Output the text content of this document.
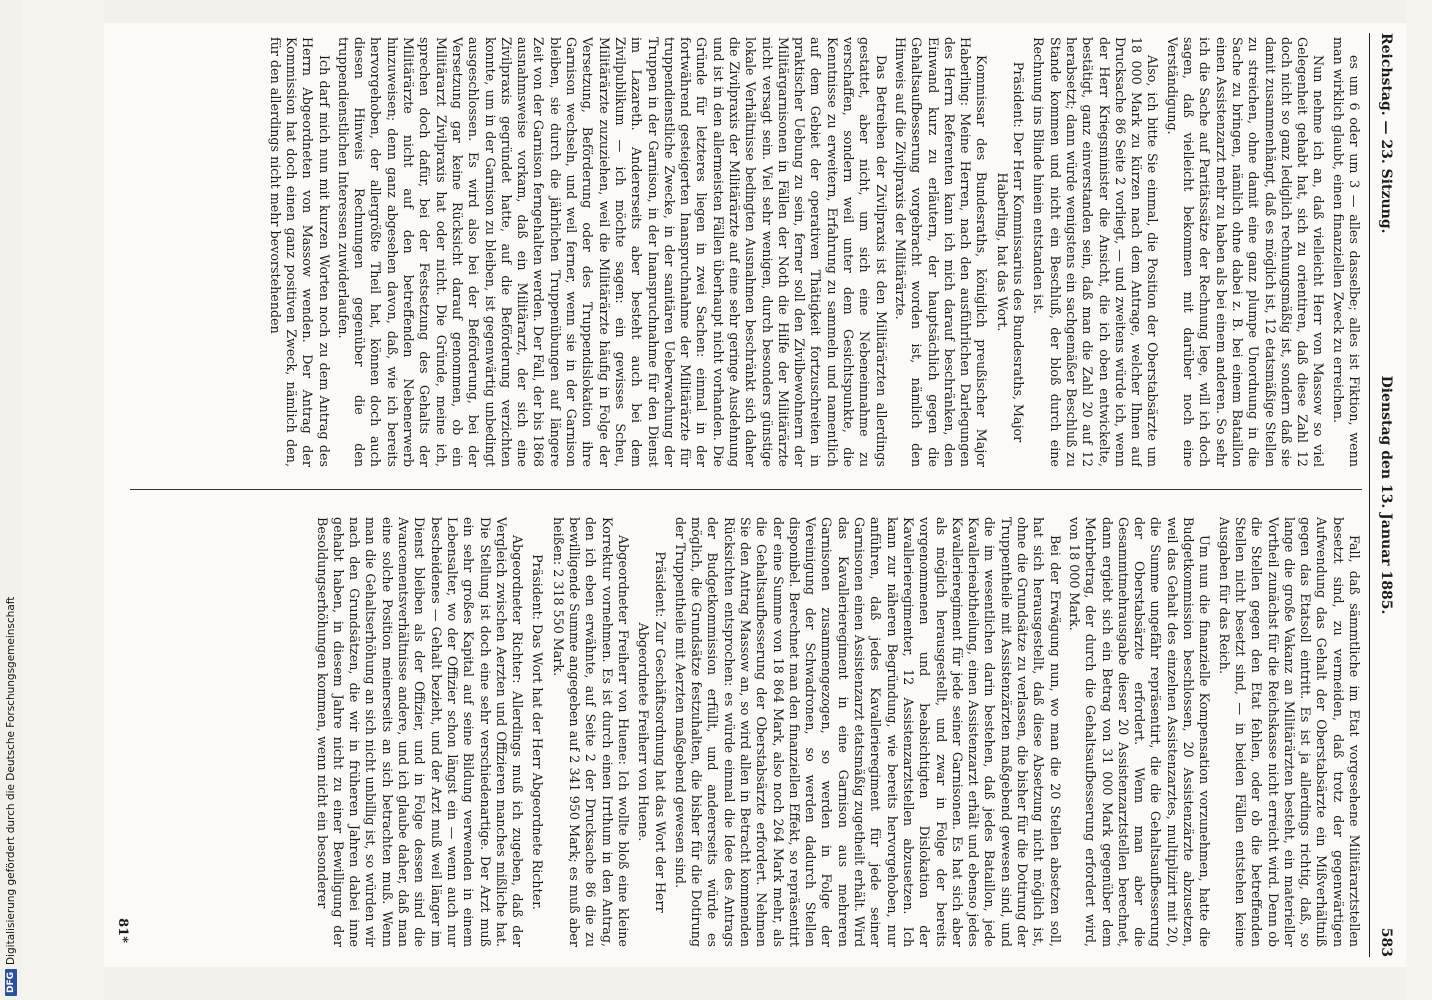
DFGDigitalisierung gefördert durch die Deutsche Forschungsgemeinschaft
Reichstag. — 23. Sitzung.
Dienstag den 13. Januar 1885.
583

es um 6 oder um 3 — alles dasselbe; alles ist Fiktion, wenn man wirklich glaubt, einen finanziellen Zweck zu erreichen.

Nun nehme ich an, daß vielleicht Herr von Massow so viel Gelegenheit gehabt hat, sich zu orientiren, daß diese Zahl 12 doch nicht so ganz lediglich rechnungsmäßig ist, sondern daß sie damit zusammenhängt, daß es möglich ist, 12 etatsmäßige Stellen zu streichen, ohne damit eine ganz plumpe Unordnung in die Sache zu bringen, nämlich ohne dabei z. B. bei einem Bataillon einen Assistenzarzt mehr zu haben als bei einem anderen. So sehr ich die Sache auf Paritätssätze der Rechnung lege, will ich doch sagen, daß vielleicht bekommen mit darüber noch eine Verständigung.

Also, ich bitte Sie einmal, die Position der Oberstabsärzte um 18 000 Mark zu kürzen nach dem Antrage, welcher Ihnen auf Drucksache 86 Seite 2 vorliegt, — und zweitens würde ich, wenn der Herr Kriegsminister die Ansicht, die ich oben entwickelte, bestätigt, ganz einverstanden sein, daß man die Zahl 20 auf 12 herabsetzt; dann würde wenigstens ein sachgemäßer Beschluß zu Stande kommen und nicht ein Beschluß, der bloß durch eine Rechnung ins Blinde hinein entstanden ist.

Präsident: Der Herr Kommissarius des Bundesraths, Major Haberling, hat das Wort.

Kommissar des Bundesraths, königlich preußischer Major Haberling: Meine Herren, nach den ausführlichen Darlegungen des Herrn Referenten kann ich mich darauf beschränken, den Einwand kurz zu erläutern, der hauptsächlich gegen die Gehaltsaufbesserung vorgebracht worden ist, nämlich den Hinweis auf die Zivilpraxis der Militärärzte.

Das Betreiben der Zivilpraxis ist den Militärärzten allerdings gestattet, aber nicht, um sich eine Nebeneinnahme zu verschaffen, sondern weil unter dem Gesichtspunkte, die Kenntnisse zu erweitern, Erfahrung zu sammeln und namentlich auf dem Gebiet der operativen Thätigkeit fortzuschreiten in praktischer Uebung zu sein, ferner soll den Zivilbewohnern der Militärgarnisonen in Fällen der Noth die Hilfe der Militärärzte nicht versagt sein. Viel sehr wenigen, durch besonders günstige lokale Verhältnisse bedingten Ausnahmen beschränkt sich daher die Zivilpraxis der Militärärzte auf eine sehr geringe Ausdehnung und ist in den allermeisten Fällen überhaupt nicht vorhanden. Die Gründe für letzteres liegen in zwei Sachen: einmal in der fortwährend gesteigerten Inanspruchnahme der Militärärzte für truppendienstliche Zwecke, in der sanitären Ueberwachung der Truppen in der Garnison, in der Inanspruchnahme für den Dienst im Lazareth. Andererseits aber besteht auch bei dem Zivilpublikum — ich möchte sagen: ein gewisses Scheu, Militärärzte zuzuziehen, weil die Militärärzte häufig in Folge der Versetzung, Beförderung oder des Truppendislokation ihre Garnison wechseln, und weil ferner, wenn sie in der Garnison bleiben, sie durch die jährlichen Truppenübungen auf längere Zeit von der Garnison ferngehalten werden. Der Fall, der bis 1868 ausnahmsweise vorkam, daß ein Militärarzt, der sich eine Zivilpraxis gegründet hatte, auf die Beförderung verzichten konnte, um in der Garnison zu bleiben, ist gegenwärtig unbedingt ausgeschlossen. Es wird also bei der Beförderung, bei der Versetzung gar keine Rücksicht darauf genommen, ob ein Militärarzt Zivilpraxis hat oder nicht. Die Gründe, meine ich, sprechen doch dafür, bei der Festsetzung des Gehalts der Militärärzte nicht auf den betreffenden Nebenerwerb hinzuweisen; denn ganz abgesehen davon, daß, wie ich bereits hervorgehoben, der allergrößte Theil hat, können doch auch diesen Hinweis Rechnungen gegenüber die den truppendienstlichen Interessen zuwiderlaufen.

Ich darf mich nun mit kurzen Worten noch zu dem Antrag des Herrn Abgeordneten von Massow wenden. Der Antrag der Kommission hat doch einen ganz positiven Zweck, nämlich den, für den allerdings nicht mehr bevorstehenden

Fall, daß sämmtliche im Etat vorgesehene Militärarztstellen besetzt sind, zu vermeiden, daß trotz der gegenwärtigen Aufwendung das Gehalt der Oberstabsärzte ein Mißverhältniß gegen das Etatsoll eintritt. Es ist ja allerdings richtig, daß, so lange die große Vakanz an Militärärzten besteht, ein materieller Vortheil zunächst für die Reichskasse nicht erreicht wird. Denn ob die Stellen gegen den Etat fehlen, oder ob die betreffenden Stellen nicht besetzt sind, — in beiden Fällen entstehen keine Ausgaben für das Reich.

Um nun die finanzielle Kompensation vorzunehmen, hatte die Budgetkommission beschlossen, 20 Assistenzärzte abzusetzen, weil das Gehalt des einzelnen Assistenzarztes, multiplizirt mit 20, die Summe ungefähr repräsentirt, die die Gehaltsaufbesserung der Oberstabsärzte erfordert. Wenn man aber die Gesammtmehrausgabe dieser 20 Assistenzarztstellen berechnet, dann ergiebt sich ein Betrag von 31 000 Mark gegenüber dem Mehrbetrag, der durch die Gehaltsaufbesserung erfordert wird, von 18 000 Mark.

Bei der Erwägung nun, wo man die 20 Stellen absetzen soll, hat sich herausgestellt, daß diese Absetzung nicht möglich ist, ohne die Grundsätze zu verlassen, die bisher für die Dotirung der Truppentheile mit Assistenzärzten maßgebend gewesen sind, und die im wesentlichen darin bestehen, daß jedes Bataillon, jede Kavallerieabtheilung, einen Assistenzarzt erhält und ebenso jedes Kavallerieregiment für jede seiner Garnisonen. Es hat sich aber als möglich herausgestellt, und zwar in Folge der bereits vorgenommenen und beabsichtigten Dislokation der Kavallerieregimenter, 12 Assistenzarztstellen abzusetzen. Ich kann zur näheren Begründung, wie bereits hervorgehoben, nur anführen, daß jedes Kavallerieregiment für jede seiner Garnisonen einen Assistenzarzt etatsmäßig zugetheilt erhält. Wird das Kavallerieregiment in eine Garnison aus mehreren Garnisonen zusammengezogen, so werden in Folge der Vereinigung der Schwadronen, so werden dadurch Stellen disponibel. Berechnet man den finanziellen Effekt, so repräsentirt der eine Summe von 18 864 Mark, also noch 264 Mark mehr, als die Gehaltsaufbesserung der Oberstabsärzte erfordert. Nehmen Sie den Antrag Massow an, so wird allen in Betracht kommenden Rücksichten entsprochen: es würde einmal die Idee des Antrags der Budgetkommission erfüllt, und andererseits würde es möglich, die Grundsätze festzuhalten, die bisher für die Dotirung der Truppentheile mit Aerzten maßgebend gewesen sind.

Präsident: Zur Geschäftsordnung hat das Wort der Herr Abgeordnete Freiherr von Huene.

Abgeordneter Freiherr von Huene: Ich wollte bloß eine kleine Korrektur vornehmen. Es ist durch einen Irrthum in den Antrag, den ich eben erwähnte, auf Seite 2 der Drucksache 86 die zu bewilligende Summe angegeben auf 2 341 950 Mark; es muß aber heißen: 2 318 550 Mark.

Präsident: Das Wort hat der Herr Abgeordnete Richter.

Abgeordneter Richter: Allerdings muß ich zugeben, daß der Vergleich zwischen Aerzten und Offizieren manches mißliche hat. Die Stellung ist doch eine sehr verschiedenartige. Der Arzt muß ein sehr großes Kapital auf seine Bildung verwenden in einem Lebensalter, wo der Offizier schon längst ein — wenn auch nur bescheidenes — Gehalt bezieht, und der Arzt muß weil länger im Dienst bleiben als der Offizier, und in Folge dessen sind die Avancementsverhältnisse andere, und ich glaube daher, daß man eine solche Position meinerseits an sich betrachten muß. Wenn man die Gehaltserhöhung an sich nicht unbillig ist, so würden wir nach den Grundsätzen, die wir in früheren Jahren dabei inne gehabt haben, in diesem Jahre nicht zu einer Bewilligung der Besoldungserhöhungen kommen, wenn nicht ein besonderer

81*
